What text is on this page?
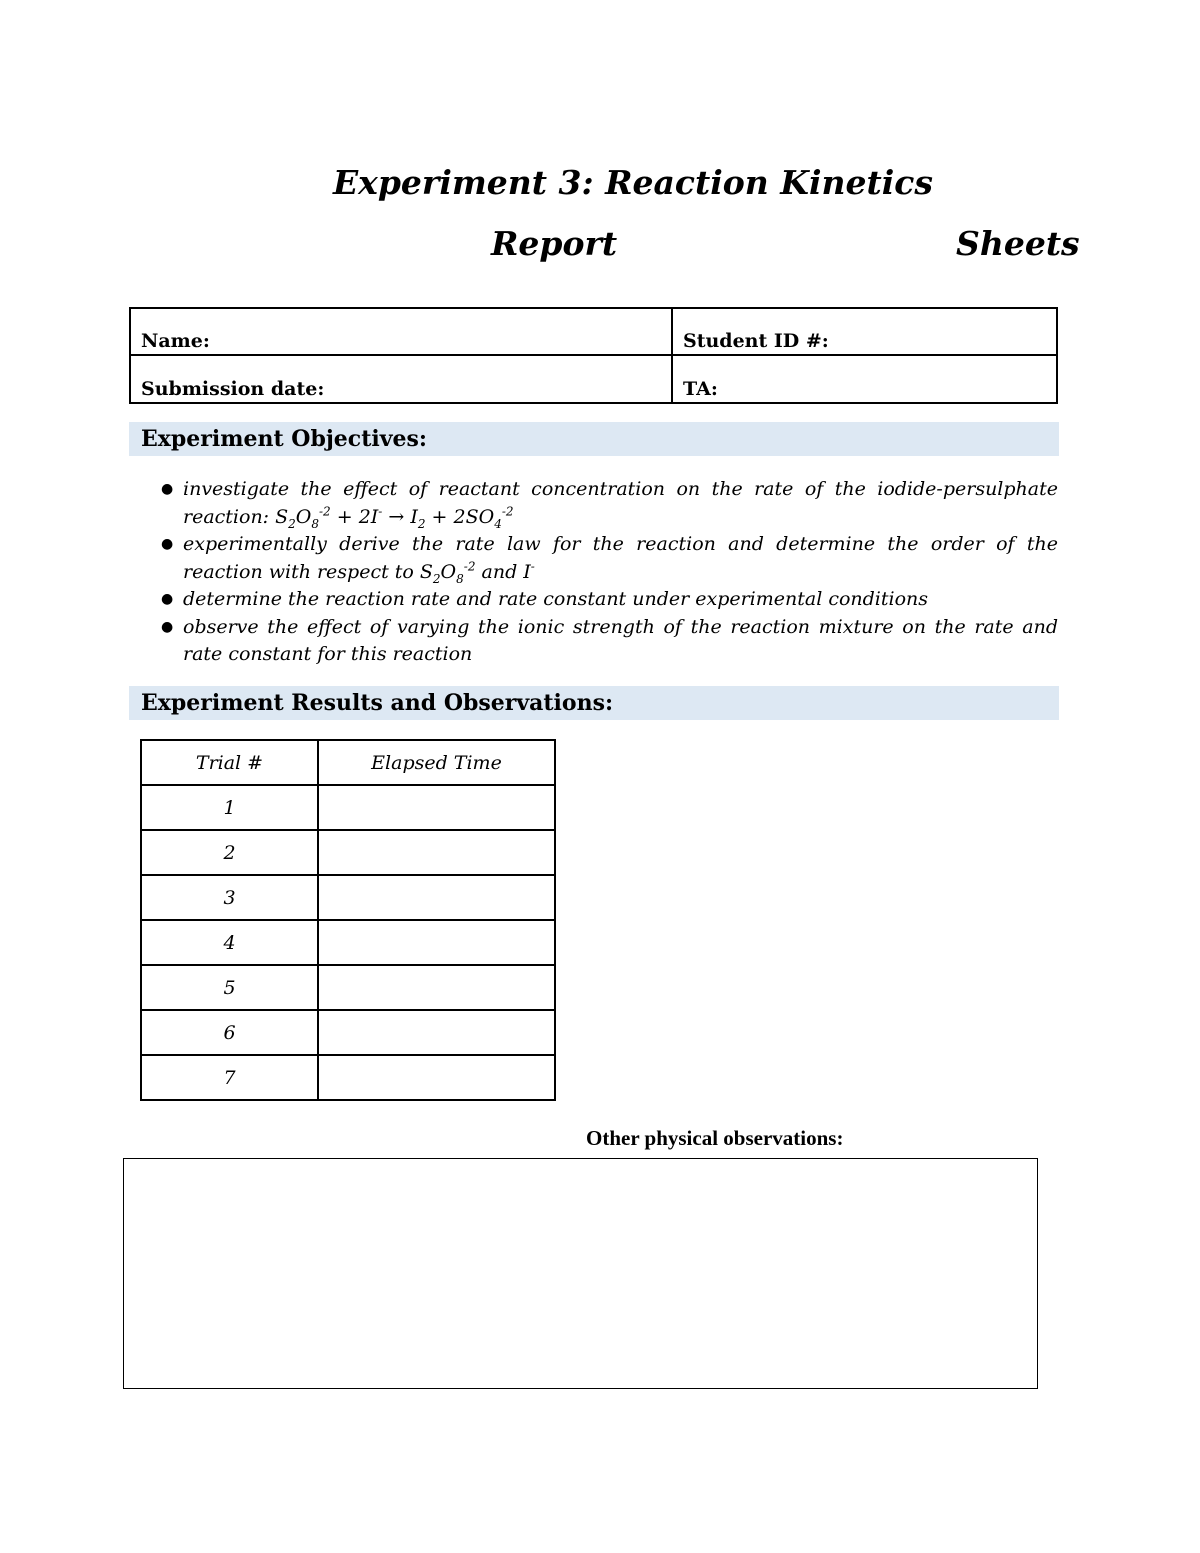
Experiment 3: Reaction Kinetics
Report	Sheets
Name:	Student ID #:
Submission date:	TA:
Experiment Objectives:
● investigate the effect of reactant concentration on the rate of the iodide-persulphate reaction: $S_2O_8^{-2} + 2I^- \to I_2 + 2SO_4^{-2}$
● experimentally derive the rate law for the reaction and determine the order of the reaction with respect to $S_2O_8^{-2}$ and I-
● determine the reaction rate and rate constant under experimental conditions
● observe the effect of varying the ionic strength of the reaction mixture on the rate and rate constant for this reaction
Experiment Results and Observations:
Trial #	Elapsed Time
1	
2	
3	
4	
5	
6	
7	
Other physical observations:
